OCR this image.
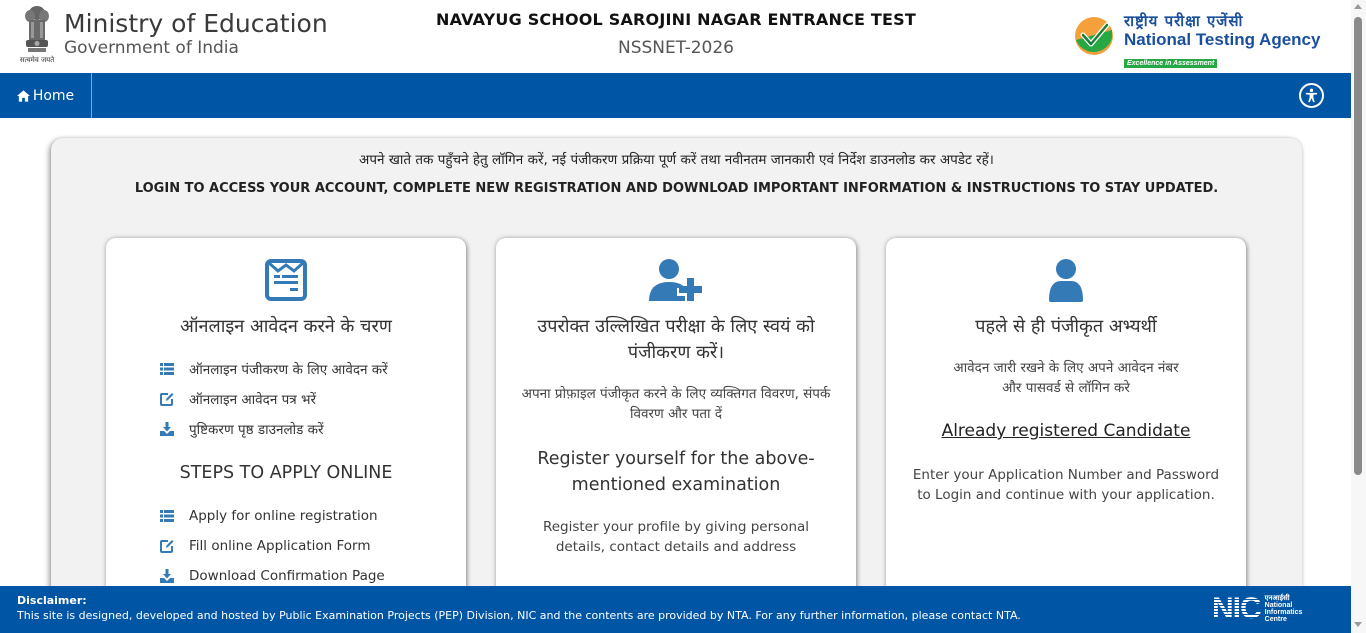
सत्यमेव जयते
Ministry of Education
Government of India
NAVAYUG SCHOOL SAROJINI NAGAR ENTRANCE TEST
NSSNET-2026
राष्ट्रीय परीक्षा एजेंसी
National Testing Agency
Excellence in Assessment
Home
अपने खाते तक पहुँचने हेतु लॉगिन करें, नई पंजीकरण प्रक्रिया पूर्ण करें तथा नवीनतम जानकारी एवं निर्देश डाउनलोड कर अपडेट रहें।
LOGIN TO ACCESS YOUR ACCOUNT, COMPLETE NEW REGISTRATION AND DOWNLOAD IMPORTANT INFORMATION & INSTRUCTIONS TO STAY UPDATED.
ऑनलाइन आवेदन करने के चरण
ऑनलाइन पंजीकरण के लिए आवेदन करें
ऑनलाइन आवेदन पत्र भरें
पुष्टिकरण पृष्ठ डाउनलोड करें
STEPS TO APPLY ONLINE
Apply for online registration
Fill online Application Form
Download Confirmation Page
उपरोक्त उल्लिखित परीक्षा के लिए स्वयं को पंजीकरण करें।
अपना प्रोफ़ाइल पंजीकृत करने के लिए व्यक्तिगत विवरण, संपर्क विवरण और पता दें
Register yourself for the above-mentioned examination
Register your profile by giving personal details, contact details and address
पहले से ही पंजीकृत अभ्यर्थी
आवेदन जारी रखने के लिए अपने आवेदन नंबर और पासवर्ड से लॉगिन करे
Already registered Candidate
Enter your Application Number and Password to Login and continue with your application.
Disclaimer:
This site is designed, developed and hosted by Public Examination Projects (PEP) Division, NIC and the contents are provided by NTA. For any further information, please contact NTA.	NIC एनआईसी
National
Informatics
Centre
